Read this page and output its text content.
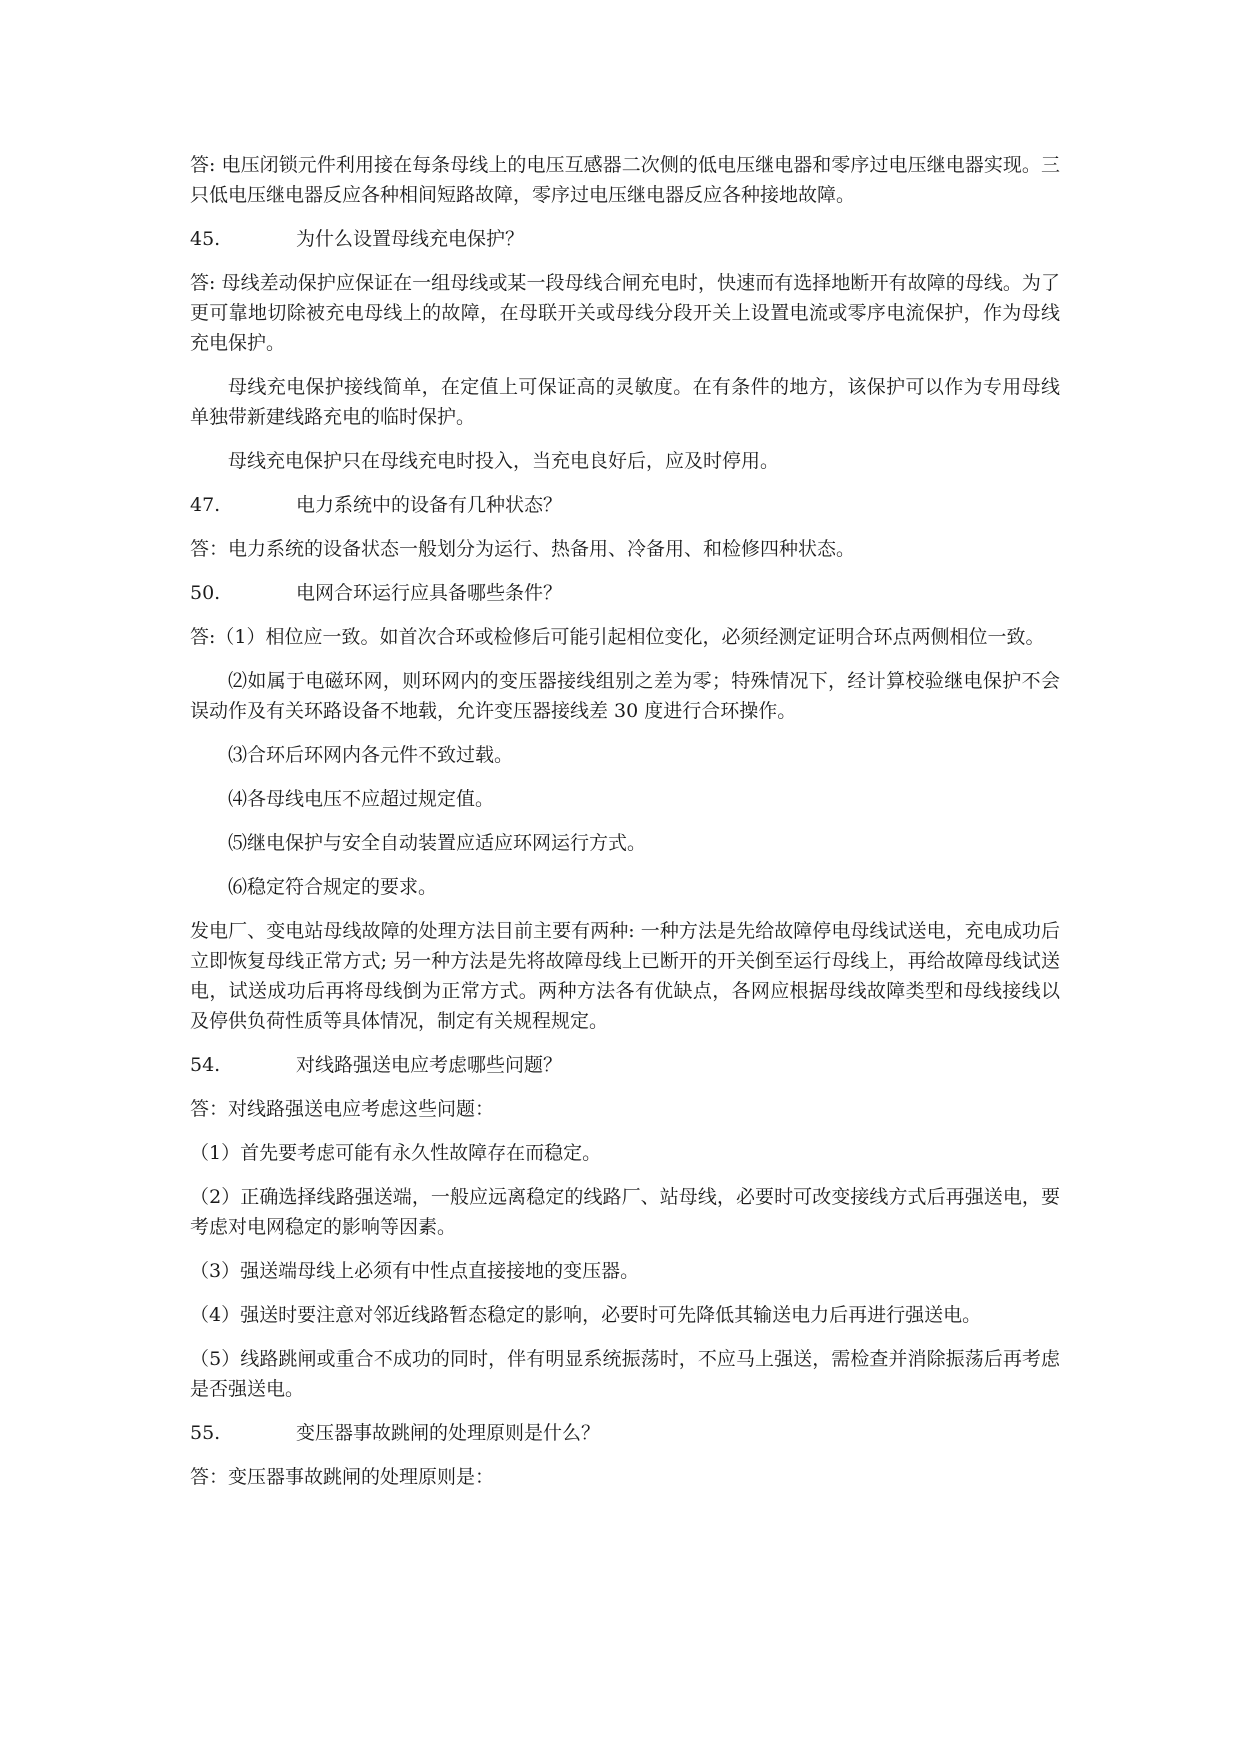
答: 电压闭锁元件利用接在每条母线上的电压互感器二次侧的低电压继电器和零序过电压继电器实现。三只低电压继电器反应各种相间短路故障，零序过电压继电器反应各种接地故障。

45.	为什么设置母线充电保护？

答: 母线差动保护应保证在一组母线或某一段母线合闸充电时，快速而有选择地断开有故障的母线。为了更可靠地切除被充电母线上的故障，在母联开关或母线分段开关上设置电流或零序电流保护，作为母线充电保护。

母线充电保护接线简单，在定值上可保证高的灵敏度。在有条件的地方，该保护可以作为专用母线单独带新建线路充电的临时保护。

母线充电保护只在母线充电时投入，当充电良好后，应及时停用。

47.	电力系统中的设备有几种状态？

答：电力系统的设备状态一般划分为运行、热备用、冷备用、和检修四种状态。

50.	电网合环运行应具备哪些条件？

答:（1）相位应一致。如首次合环或检修后可能引起相位变化，必须经测定证明合环点两侧相位一致。

⑵如属于电磁环网，则环网内的变压器接线组别之差为零；特殊情况下，经计算校验继电保护不会误动作及有关环路设备不地载，允许变压器接线差 30 度进行合环操作。

⑶合环后环网内各元件不致过载。

⑷各母线电压不应超过规定值。

⑸继电保护与安全自动装置应适应环网运行方式。

⑹稳定符合规定的要求。

发电厂、变电站母线故障的处理方法目前主要有两种: 一种方法是先给故障停电母线试送电，充电成功后立即恢复母线正常方式; 另一种方法是先将故障母线上已断开的开关倒至运行母线上，再给故障母线试送电，试送成功后再将母线倒为正常方式。两种方法各有优缺点，各网应根据母线故障类型和母线接线以及停供负荷性质等具体情况，制定有关规程规定。

54.	对线路强送电应考虑哪些问题？

答：对线路强送电应考虑这些问题：

（1）首先要考虑可能有永久性故障存在而稳定。

（2）正确选择线路强送端，一般应远离稳定的线路厂、站母线，必要时可改变接线方式后再强送电，要考虑对电网稳定的影响等因素。

（3）强送端母线上必须有中性点直接接地的变压器。

（4）强送时要注意对邻近线路暂态稳定的影响，必要时可先降低其输送电力后再进行强送电。

（5）线路跳闸或重合不成功的同时，伴有明显系统振荡时，不应马上强送，需检查并消除振荡后再考虑是否强送电。

55.	变压器事故跳闸的处理原则是什么？

答：变压器事故跳闸的处理原则是：
